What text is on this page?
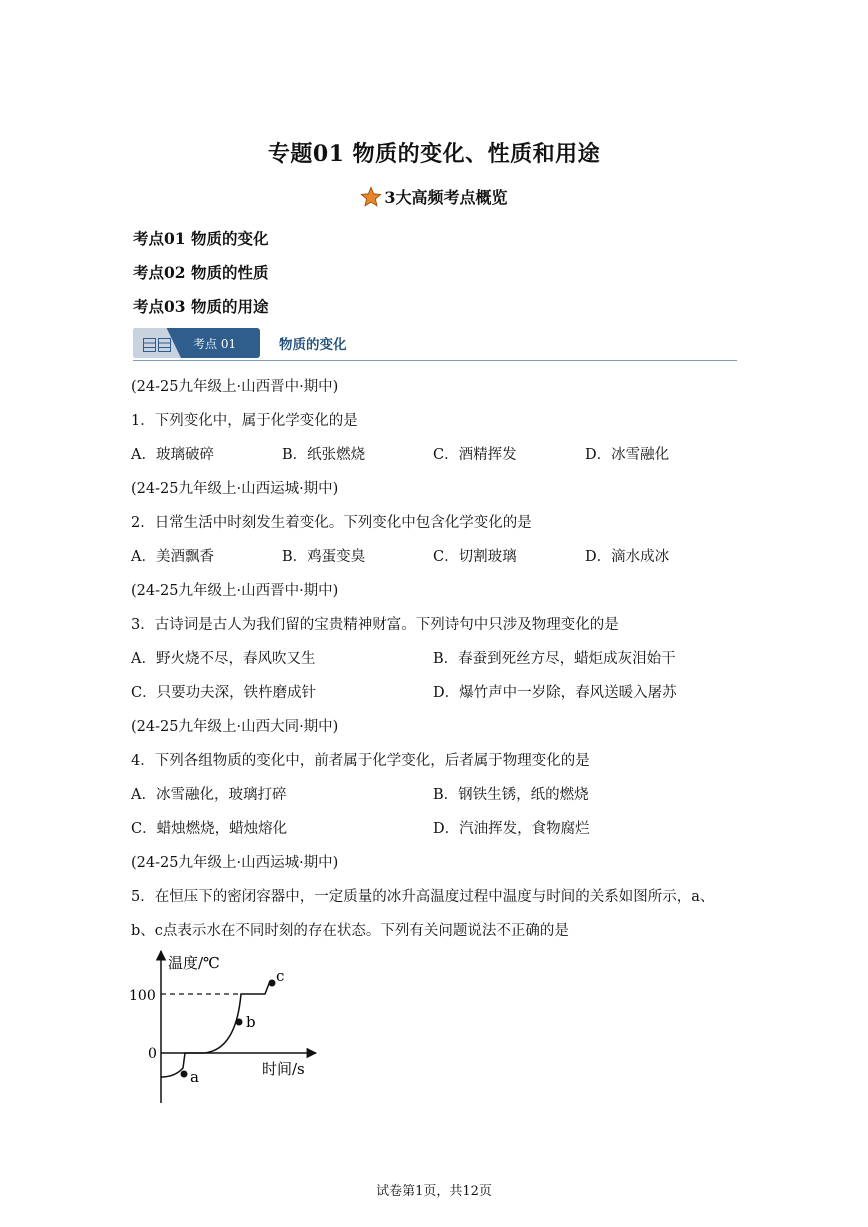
专题01 物质的变化、性质和用途
3大高频考点概览
考点01 物质的变化
考点02 物质的性质
考点03 物质的用途
考点 01	物质的变化
(24-25九年级上·山西晋中·期中)
1．下列变化中，属于化学变化的是
A．玻璃破碎	B．纸张燃烧	C．酒精挥发	D．冰雪融化
(24-25九年级上·山西运城·期中)
2．日常生活中时刻发生着变化。下列变化中包含化学变化的是
A．美酒飘香	B．鸡蛋变臭	C．切割玻璃	D．滴水成冰
(24-25九年级上·山西晋中·期中)
3．古诗词是古人为我们留的宝贵精神财富。下列诗句中只涉及物理变化的是
A．野火烧不尽，春风吹又生	B．春蚕到死丝方尽，蜡炬成灰泪始干
C．只要功夫深，铁杵磨成针	D．爆竹声中一岁除，春风送暖入屠苏
(24-25九年级上·山西大同·期中)
4．下列各组物质的变化中，前者属于化学变化，后者属于物理变化的是
A．冰雪融化，玻璃打碎	B．钢铁生锈，纸的燃烧
C．蜡烛燃烧，蜡烛熔化	D．汽油挥发，食物腐烂
(24-25九年级上·山西运城·期中)
5．在恒压下的密闭容器中，一定质量的冰升高温度过程中温度与时间的关系如图所示，a、
b、c点表示水在不同时刻的存在状态。下列有关问题说法不正确的是
温度/℃
时间/s
100
0
a
b
c
试卷第1页，共12页
